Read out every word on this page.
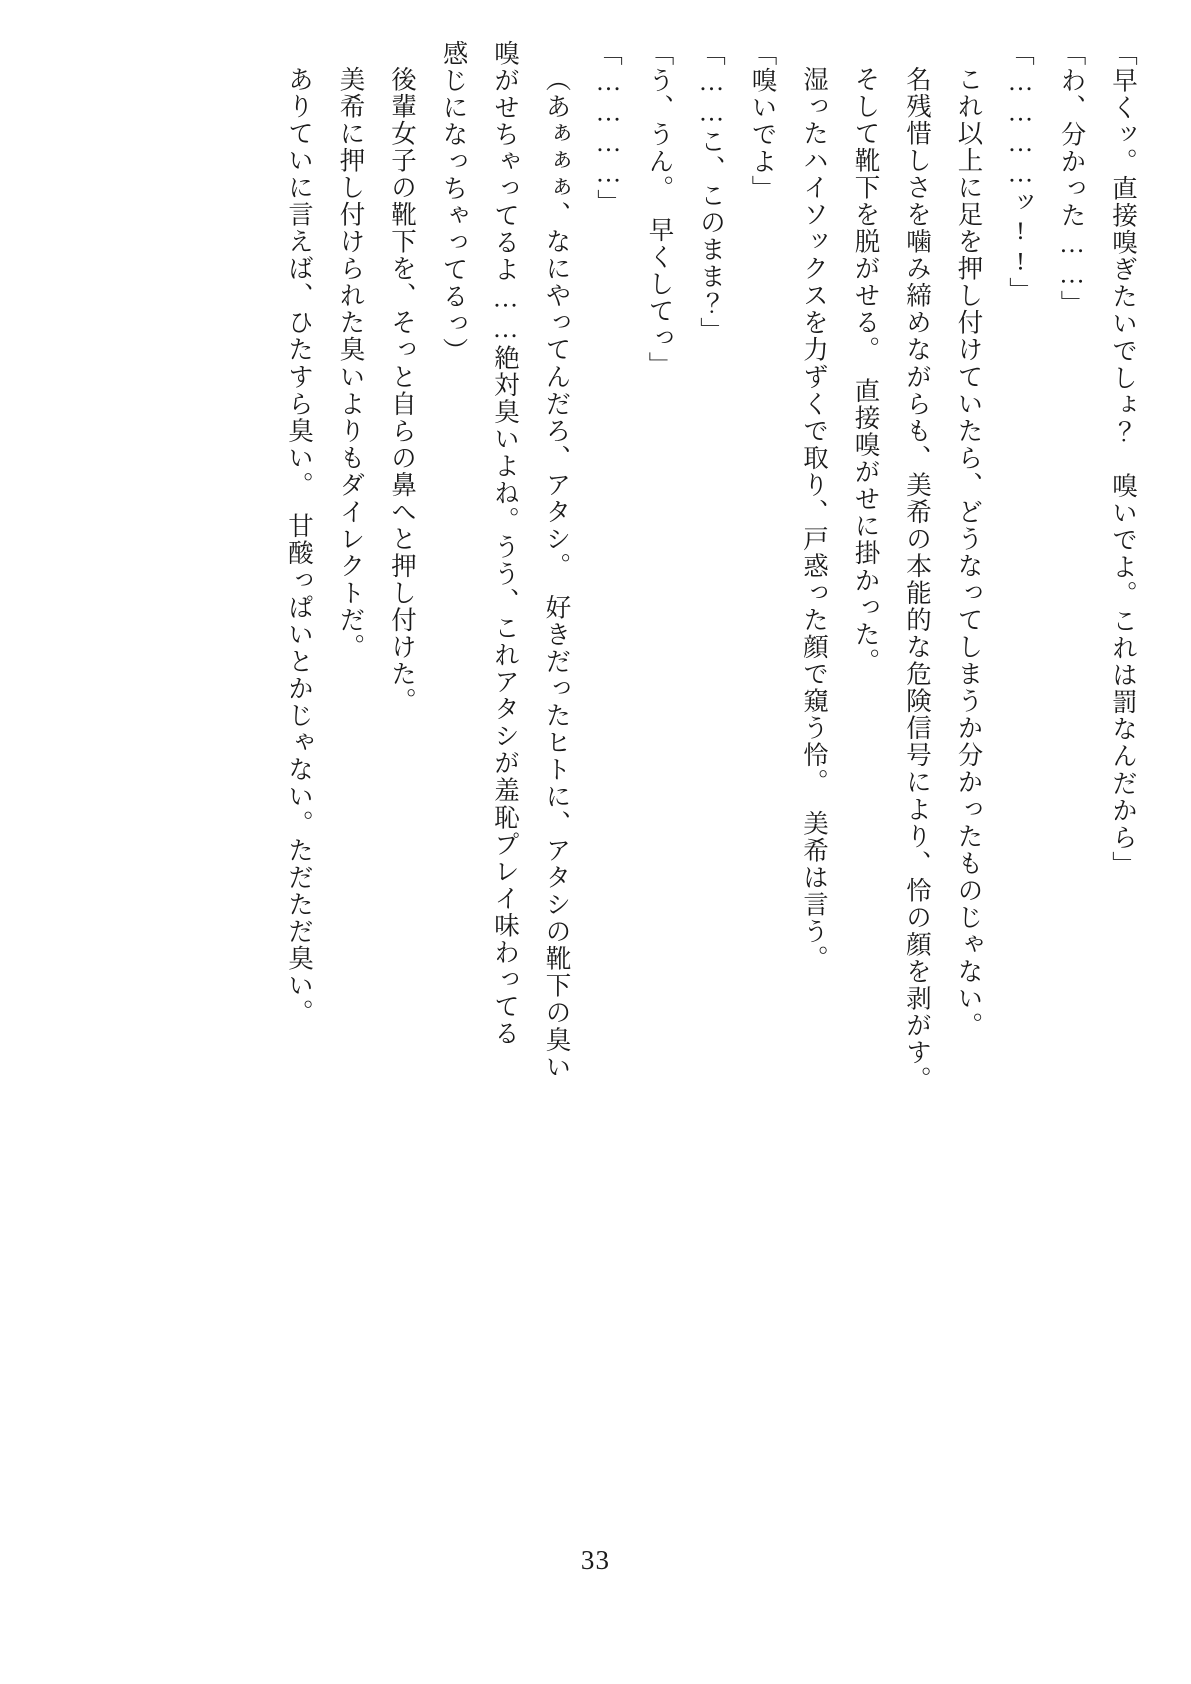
「早くッ。直接嗅ぎたいでしょ？　嗅いでよ。これは罰なんだから」

「わ、分かった……」

「…………ッ!!」

これ以上に足を押し付けていたら、どうなってしまうか分かったものじゃない。

名残惜しさを噛み締めながらも、美希の本能的な危険信号により、怜の顔を剥がす。

そして靴下を脱がせる。　直接嗅がせに掛かった。

湿ったハイソックスを力ずくで取り、戸惑った顔で窺う怜。　美希は言う。

「嗅いでよ」

「……こ、このまま？」

「う、うん。　早くしてっ」

「…………」

（あぁぁぁ、なにやってんだろ、アタシ。　好きだったヒトに、アタシの靴下の臭い

嗅がせちゃってるよ……絶対臭いよね。うう、これアタシが羞恥プレイ味わってる

感じになっちゃってるっ）

後輩女子の靴下を、そっと自らの鼻へと押し付けた。

美希に押し付けられた臭いよりもダイレクトだ。

ありていに言えば、ひたすら臭い。　甘酸っぱいとかじゃない。ただただ臭い。

33
